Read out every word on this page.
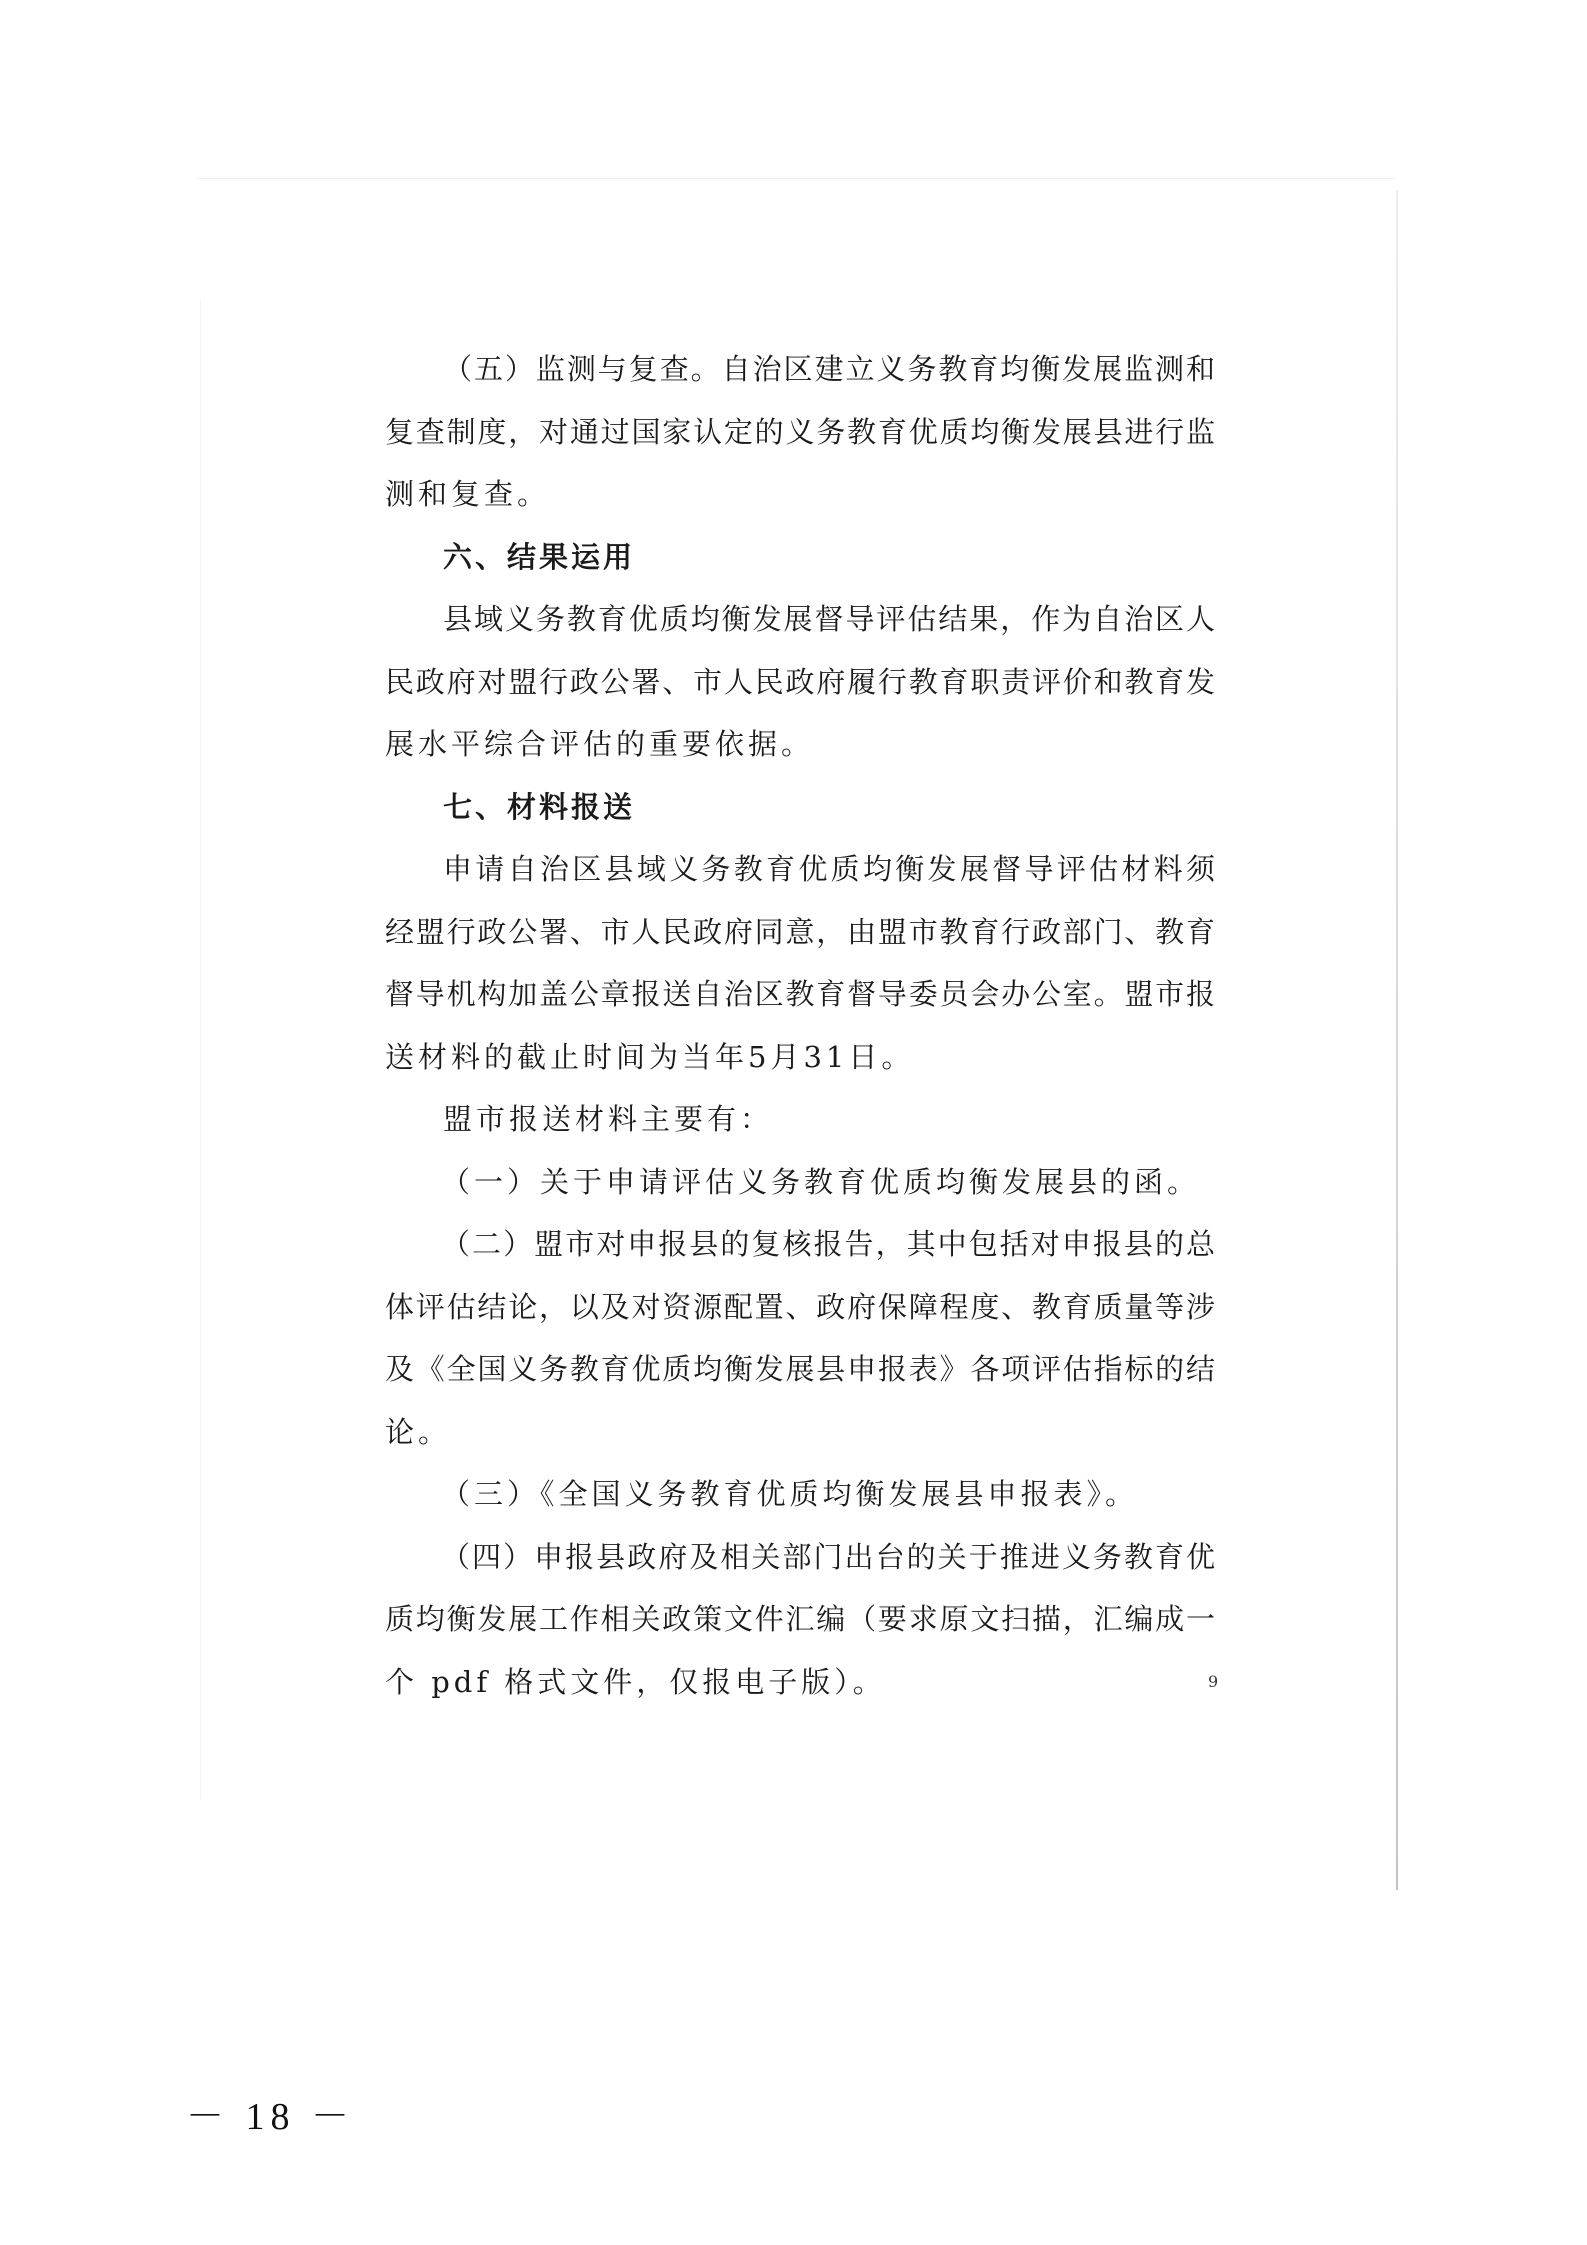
（五）监测与复查。自治区建立义务教育均衡发展监测和
复查制度，对通过国家认定的义务教育优质均衡发展县进行监
测和复查。
六、结果运用
县域义务教育优质均衡发展督导评估结果，作为自治区人
民政府对盟行政公署、市人民政府履行教育职责评价和教育发
展水平综合评估的重要依据。
七、材料报送
申请自治区县域义务教育优质均衡发展督导评估材料须
经盟行政公署、市人民政府同意，由盟市教育行政部门、教育
督导机构加盖公章报送自治区教育督导委员会办公室。盟市报
送材料的截止时间为当年5月31日。
盟市报送材料主要有：
（一）关于申请评估义务教育优质均衡发展县的函。
（二）盟市对申报县的复核报告，其中包括对申报县的总
体评估结论，以及对资源配置、政府保障程度、教育质量等涉
及《全国义务教育优质均衡发展县申报表》各项评估指标的结
论。
（三）《全国义务教育优质均衡发展县申报表》。
（四）申报县政府及相关部门出台的关于推进义务教育优
质均衡发展工作相关政策文件汇编（要求原文扫描，汇编成一
个 pdf 格式文件，仅报电子版）。	9
－ 18 －
